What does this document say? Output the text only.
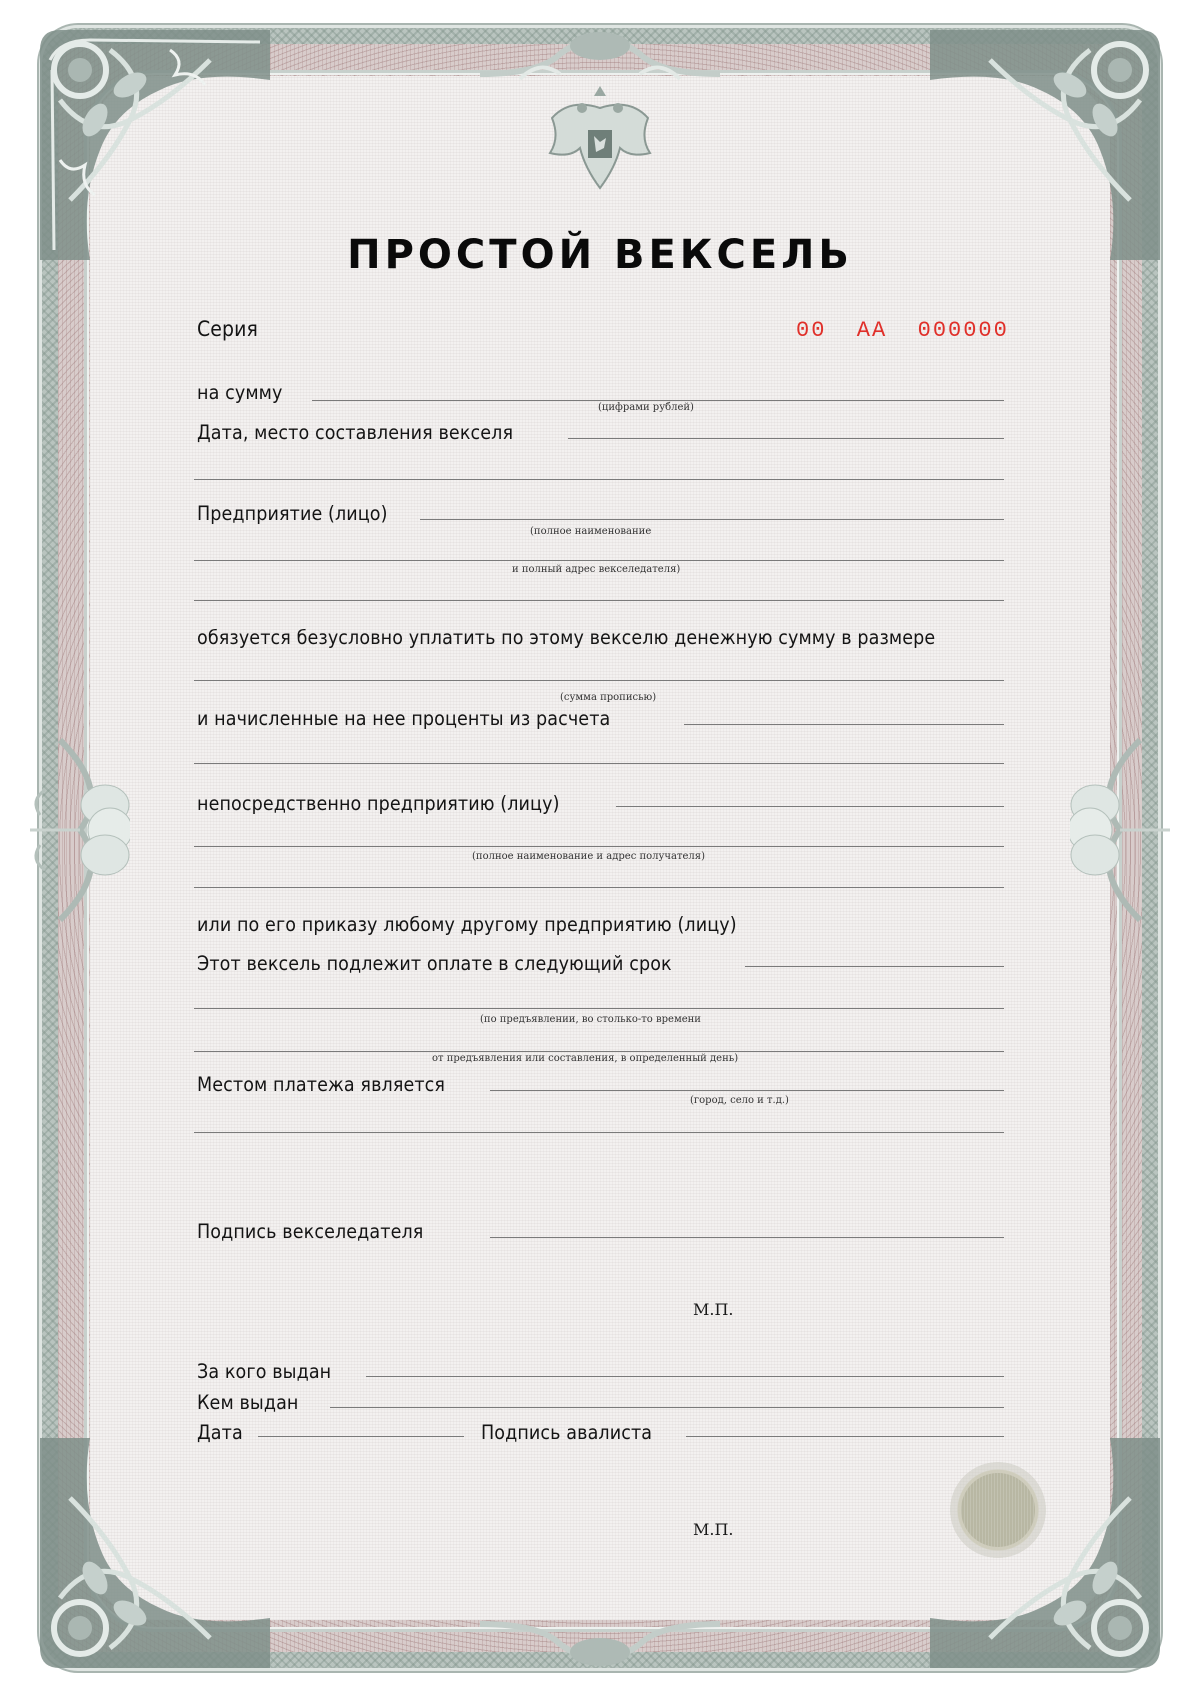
ПРОСТОЙ ВЕКСЕЛЬ
Серия	00  АА  000000
на сумму
(цифрами рублей)
Дата, место составления векселя
Предприятие (лицо)
(полное наименование
и полный адрес векселедателя)
обязуется безусловно уплатить по этому векселю денежную сумму в размере
(сумма прописью)
и начисленные на нее проценты из расчета
непосредственно предприятию (лицу)
(полное наименование и адрес получателя)
или по его приказу любому другому предприятию (лицу)
Этот вексель подлежит оплате в следующий срок
(по предъявлении, во столько-то времени
от предъявления или составления, в определенный день)
Местом платежа является
(город, село и т.д.)
Подпись векселедателя
М.П.
За кого выдан
Кем выдан
Дата	Подпись авалиста
М.П.
